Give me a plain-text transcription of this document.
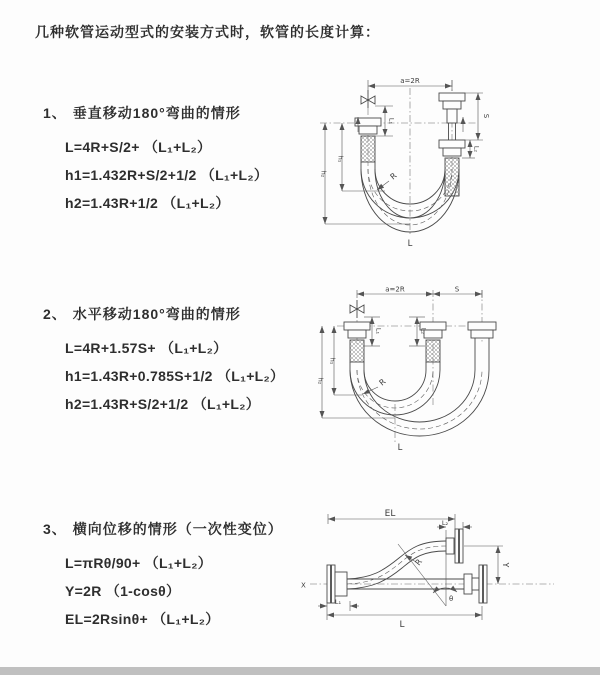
几种软管运动型式的安装方式时，软管的长度计算：
1、 垂直移动180°弯曲的情形
L=4R+S/2+ （L₁+L₂）
h1=1.432R+S/2+1/2 （L₁+L₂）
h2=1.43R+1/2 （L₁+L₂）
2、 水平移动180°弯曲的情形
L=4R+1.57S+ （L₁+L₂）
h1=1.43R+0.785S+1/2 （L₁+L₂）
h2=1.43R+S/2+1/2 （L₁+L₂）
3、 横向位移的情形（一次性变位）
L=πRθ/90+ （L₁+L₂）
Y=2R （1-cosθ）
EL=2Rsinθ+ （L₁+L₂）
a=2R
S
L₂
L₁
h₁
h₂	R
L
a=2R	S
L₁	L₂
h₁
h₂	R
L
θ
R
EL
L₂
Y
L₁
L
X
